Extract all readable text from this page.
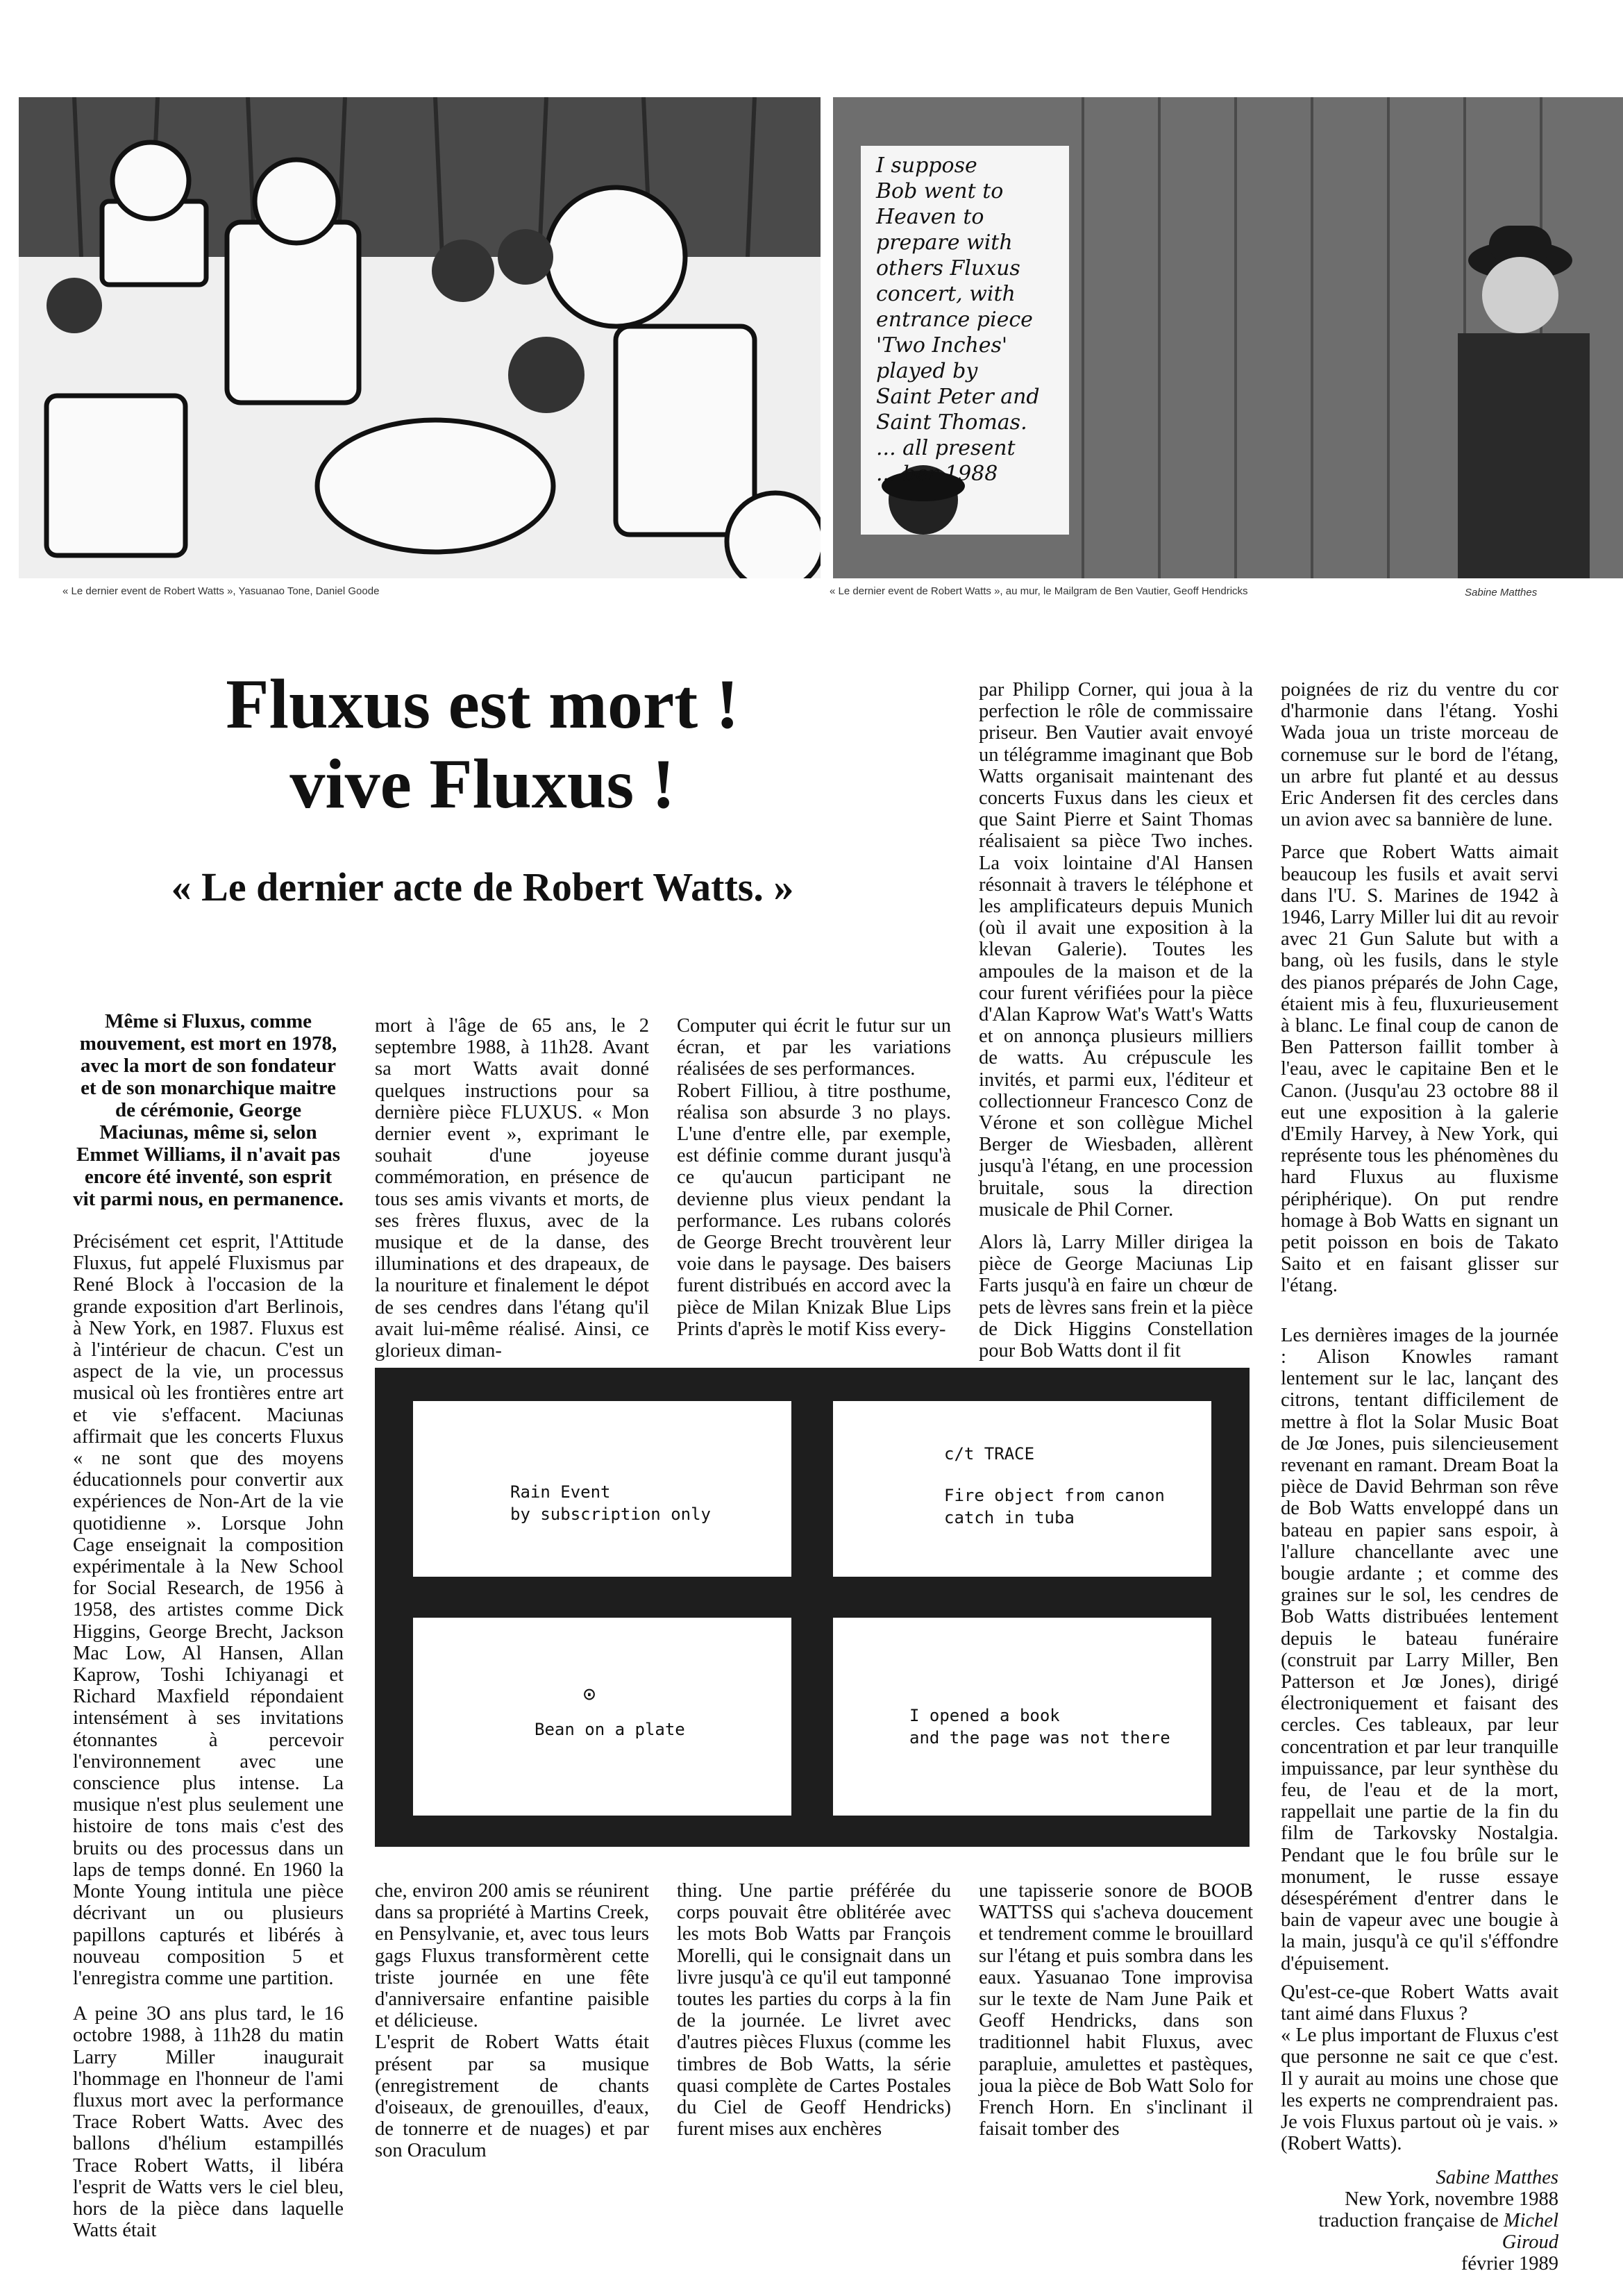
I suppose
Bob went to
Heaven to
prepare with
others Fluxus
concert, with
entrance piece
'Two Inches'
played by
Saint Peter and
Saint Thomas.
... all present
... ber 1988
« Le dernier event de Robert Watts », Yasuanao Tone, Daniel Goode	« Le dernier event de Robert Watts », au mur, le Mailgram de Ben Vautier, Geoff Hendricks	Sabine Matthes
Fluxus est mort !
vive Fluxus !
« Le dernier acte de Robert Watts. »

Même si Fluxus, comme mouvement, est mort en 1978, avec la mort de son fondateur et de son monarchique maitre de cérémonie, George Maciunas, même si, selon Emmet Williams, il n'avait pas encore été inventé, son esprit vit parmi nous, en permanence.

Précisément cet esprit, l'Attitude Fluxus, fut appelé Fluxismus par René Block à l'occasion de la grande exposition d'art Berlinois, à New York, en 1987. Fluxus est à l'intérieur de chacun. C'est un aspect de la vie, un processus musical où les frontières entre art et vie s'effacent. Maciunas affirmait que les concerts Fluxus « ne sont que des moyens éducationnels pour convertir aux expériences de Non-Art de la vie quotidienne ». Lorsque John Cage enseignait la composition expérimentale à la New School for Social Research, de 1956 à 1958, des artistes comme Dick Higgins, George Brecht, Jackson Mac Low, Al Hansen, Allan Kaprow, Toshi Ichiyanagi et Richard Maxfield répondaient intensément à ses invitations étonnantes à percevoir l'environnement avec une conscience plus intense. La musique n'est plus seulement une histoire de tons mais c'est des bruits ou des processus dans un laps de temps donné. En 1960 la Monte Young intitula une pièce décrivant un ou plusieurs papillons capturés et libérés à nouveau composition 5 et l'enregistra comme une partition.

A peine 3O ans plus tard, le 16 octobre 1988, à 11h28 du matin Larry Miller inaugurait l'hommage en l'honneur de l'ami fluxus mort avec la performance Trace Robert Watts. Avec des ballons d'hélium estampillés Trace Robert Watts, il libéra l'esprit de Watts vers le ciel bleu, hors de la pièce dans laquelle Watts était

mort à l'âge de 65 ans, le 2 septembre 1988, à 11h28. Avant sa mort Watts avait donné quelques instructions pour sa dernière pièce FLUXUS. « Mon dernier event », exprimant le souhait d'une joyeuse commémoration, en présence de tous ses amis vivants et morts, de ses frères fluxus, avec de la musique et de la danse, des illuminations et des drapeaux, de la nouriture et finalement le dépot de ses cendres dans l'étang qu'il avait lui-même réalisé. Ainsi, ce glorieux diman-

Computer qui écrit le futur sur un écran, et par les variations réalisées de ses performances.

Robert Filliou, à titre posthume, réalisa son absurde 3 no plays. L'une d'entre elle, par exemple, est définie comme durant jusqu'à ce qu'aucun participant ne devienne plus vieux pendant la performance. Les rubans colorés de George Brecht trouvèrent leur voie dans le paysage. Des baisers furent distribués en accord avec la pièce de Milan Knizak Blue Lips Prints d'après le motif Kiss every-

par Philipp Corner, qui joua à la perfection le rôle de commissaire priseur. Ben Vautier avait envoyé un télégramme imaginant que Bob Watts organisait maintenant des concerts Fuxus dans les cieux et que Saint Pierre et Saint Thomas réalisaient sa pièce Two inches. La voix lointaine d'Al Hansen résonnait à travers le téléphone et les amplificateurs depuis Munich (où il avait une exposition à la klevan Galerie). Toutes les ampoules de la maison et de la cour furent vérifiées pour la pièce d'Alan Kaprow Wat's Watt's Watts et on annonça plusieurs milliers de watts. Au crépuscule les invités, et parmi eux, l'éditeur et collectionneur Francesco Conz de Vérone et son collègue Michel Berger de Wiesbaden, allèrent jusqu'à l'étang, en une procession bruitale, sous la direction musicale de Phil Corner.

Alors là, Larry Miller dirigea la pièce de George Maciunas Lip Farts jusqu'à en faire un chœur de pets de lèvres sans frein et la pièce de Dick Higgins Constellation pour Bob Watts dont il fit

poignées de riz du ventre du cor d'harmonie dans l'étang. Yoshi Wada joua un triste morceau de cornemuse sur le bord de l'étang, un arbre fut planté et au dessus Eric Andersen fit des cercles dans un avion avec sa bannière de lune.

Parce que Robert Watts aimait beaucoup les fusils et avait servi dans l'U. S. Marines de 1942 à 1946, Larry Miller lui dit au revoir avec 21 Gun Salute but with a bang, où les fusils, dans le style des pianos préparés de John Cage, étaient mis à feu, fluxurieusement à blanc. Le final coup de canon de Ben Patterson faillit tomber à l'eau, avec le capitaine Ben et le Canon. (Jusqu'au 23 octobre 88 il eut une exposition à la galerie d'Emily Harvey, à New York, qui représente tous les phénomènes du hard Fluxus au fluxisme périphérique). On put rendre homage à Bob Watts en signant un petit poisson en bois de Takato Saito et en faisant glisser sur l'étang.

Les dernières images de la journée : Alison Knowles ramant lentement sur le lac, lançant des citrons, tentant difficilement de mettre à flot la Solar Music Boat de Jœ Jones, puis silencieusement revenant en ramant. Dream Boat la pièce de David Behrman son rêve de Bob Watts enveloppé dans un bateau en papier sans espoir, à l'allure chancellante avec une bougie ardante ; et comme des graines sur le sol, les cendres de Bob Watts distribuées lentement depuis le bateau funéraire (construit par Larry Miller, Ben Patterson et Jœ Jones), dirigé électroniquement et faisant des cercles. Ces tableaux, par leur concentration et par leur tranquille impuissance, par leur synthèse du feu, de l'eau et de la mort, rappellait une partie de la fin du film de Tarkovsky Nostalgia. Pendant que le fou brûle sur le monument, le russe essaye désespérément d'entrer dans le bain de vapeur avec une bougie à la main, jusqu'à ce qu'il s'éffondre d'épuisement.

Qu'est-ce-que Robert Watts avait tant aimé dans Fluxus ?

« Le plus important de Fluxus c'est que personne ne sait ce que c'est. Il y aurait au moins une chose que les experts ne comprendraient pas. Je vois Fluxus partout où je vais. » (Robert Watts).

Sabine Matthes
New York, novembre 1988
traduction française de Michel Giroud
février 1989
Rain Event
by subscription only
c/t TRACE
Fire object from canon
catch in tuba
⊙
Bean on a plate
I opened a book
and the page was not there

che, environ 200 amis se réunirent dans sa propriété à Martins Creek, en Pensylvanie, et, avec tous leurs gags Fluxus transformèrent cette triste journée en une fête d'anniversaire enfantine paisible et délicieuse.

L'esprit de Robert Watts était présent par sa musique (enregistrement de chants d'oiseaux, de grenouilles, d'eaux, de tonnerre et de nuages) et par son Oraculum

thing. Une partie préférée du corps pouvait être oblitérée avec les mots Bob Watts par François Morelli, qui le consignait dans un livre jusqu'à ce qu'il eut tamponné toutes les parties du corps à la fin de la journée. Le livret avec d'autres pièces Fluxus (comme les timbres de Bob Watts, la série quasi complète de Cartes Postales du Ciel de Geoff Hendricks) furent mises aux enchères

une tapisserie sonore de BOOB WATTSS qui s'acheva doucement et tendrement comme le brouillard sur l'étang et puis sombra dans les eaux. Yasuanao Tone improvisa sur le texte de Nam June Paik et Geoff Hendricks, dans son traditionnel habit Fluxus, avec parapluie, amulettes et pastèques, joua la pièce de Bob Watt Solo for French Horn. En s'inclinant il faisait tomber des
